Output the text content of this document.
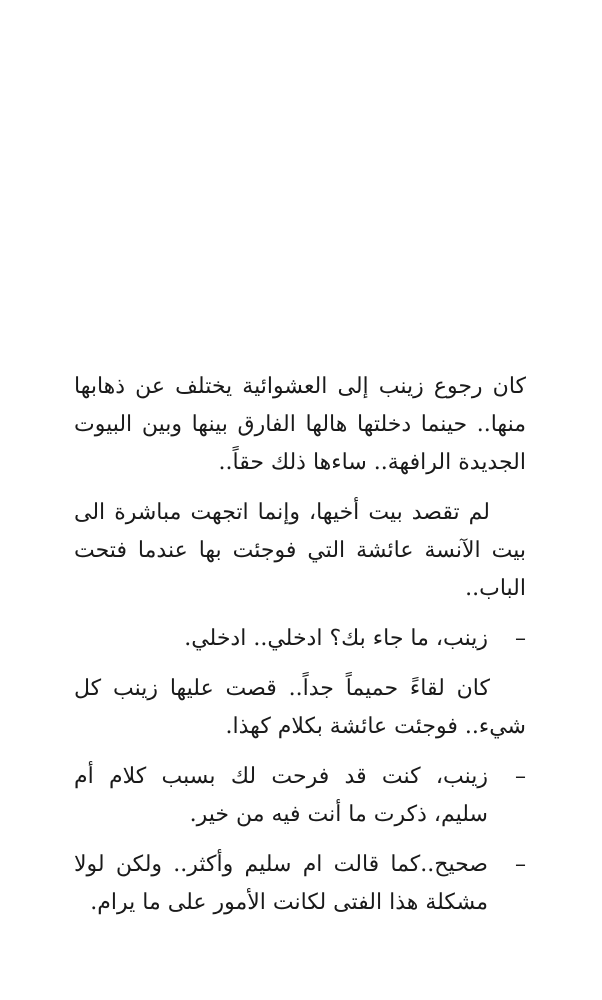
كان رجوع زينب إلى العشوائية يختلف عن ذهابها منها.. حينما دخلتها هالها الفارق بينها وبين البيوت الجديدة الرافهة.. ساءها ذلك حقاً..

لم تقصد بيت أخيها، وإنما اتجهت مباشرة الى بيت الآنسة عائشة التي فوجئت بها عندما فتحت الباب..

–
زينب، ما جاء بك؟ ادخلي.. ادخلي.

كان لقاءً حميماً جداً.. قصت عليها زينب كل شيء.. فوجئت عائشة بكلام كهذا.

–
زينب، كنت قد فرحت لك بسبب كلام أم سليم، ذكرت ما أنت فيه من خير.
–
صحيح..كما قالت ام سليم وأكثر.. ولكن لولا مشكلة هذا الفتى لكانت الأمور على ما يرام.
